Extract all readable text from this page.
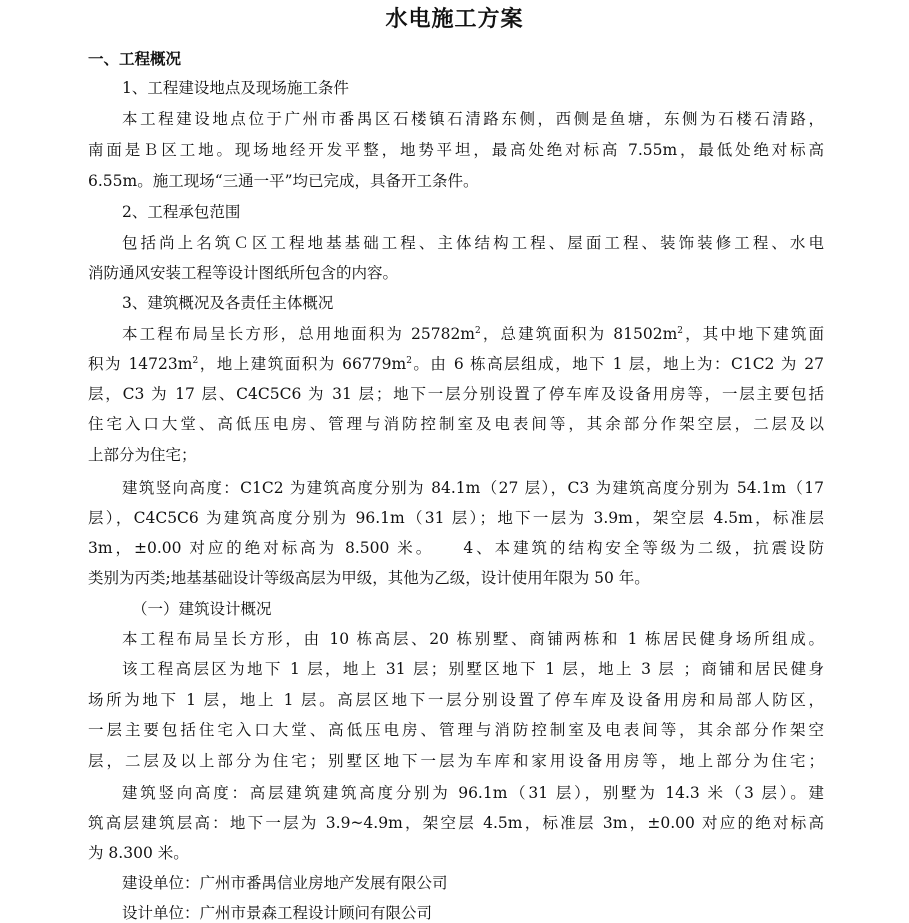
水电施工方案
一、工程概况
1、工程建设地点及现场施工条件
本工程建设地点位于广州市番禺区石楼镇石清路东侧，西侧是鱼塘，东侧为石楼石清路，
南面是Ｂ区工地。现场地经开发平整，地势平坦，最高处绝对标高 7.55m，最低处绝对标高
6.55m。施工现场“三通一平”均已完成，具备开工条件。
2、工程承包范围
包括尚上名筑Ｃ区工程地基基础工程、主体结构工程、屋面工程、装饰装修工程、水电
消防通风安装工程等设计图纸所包含的内容。
3、建筑概况及各责任主体概况
本工程布局呈长方形，总用地面积为 $25782m^2$，总建筑面积为 $81502m^2$，其中地下建筑面
积为 $14723m^2$，地上建筑面积为 $66779m^2$。由 6 栋高层组成，地下 1 层，地上为：C1C2 为 27
层，C3 为 17 层、C4C5C6 为 31 层；地下一层分别设置了停车库及设备用房等，一层主要包括
住宅入口大堂、高低压电房、管理与消防控制室及电表间等，其余部分作架空层，二层及以
上部分为住宅；
建筑竖向高度：C1C2 为建筑高度分别为 84.1m（27 层），C3 为建筑高度分别为 54.1m（17
层），C4C5C6 为建筑高度分别为 96.1m（31 层）；地下一层为 3.9m，架空层 4.5m，标准层
3m，±0.00 对应的绝对标高为 8.500 米。　　4、本建筑的结构安全等级为二级，抗震设防
类别为丙类;地基基础设计等级高层为甲级，其他为乙级，设计使用年限为 50 年。
（一）建筑设计概况
本工程布局呈长方形，由 10 栋高层、20 栋别墅、商铺两栋和 1 栋居民健身场所组成。
该工程高层区为地下 1 层，地上 31 层；别墅区地下 1 层，地上 3 层 ；商铺和居民健身
场所为地下 1 层，地上 1 层。高层区地下一层分别设置了停车库及设备用房和局部人防区，
一层主要包括住宅入口大堂、高低压电房、管理与消防控制室及电表间等，其余部分作架空
层，二层及以上部分为住宅；别墅区地下一层为车库和家用设备用房等，地上部分为住宅；
建筑竖向高度：高层建筑建筑高度分别为 96.1m（31 层），别墅为 14.3 米（3 层）。建
筑高层建筑层高：地下一层为 3.9~4.9m，架空层 4.5m，标准层 3m，±0.00 对应的绝对标高
为 8.300 米。
建设单位：广州市番禺信业房地产发展有限公司
设计单位：广州市景森工程设计顾问有限公司
